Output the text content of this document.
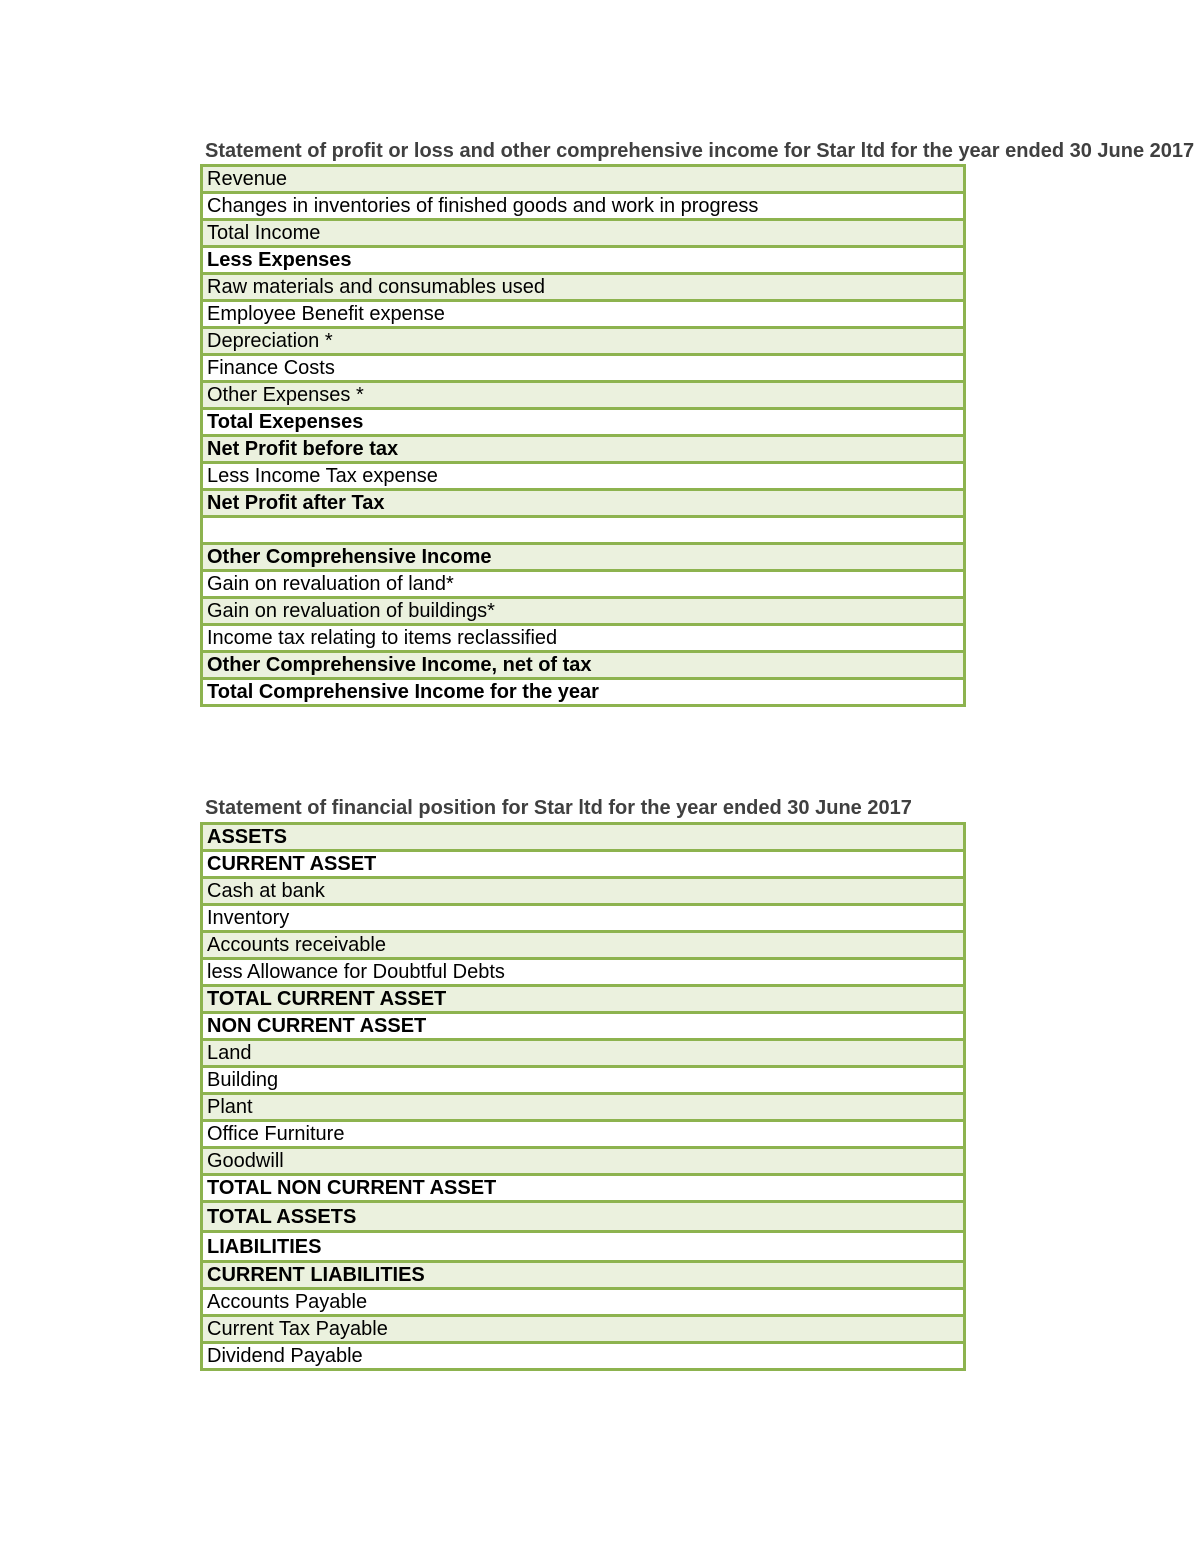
Statement of profit or loss and other comprehensive income for Star ltd for the year ended 30 June 2017
Revenue
Changes in inventories of finished goods and work in progress
Total Income
Less Expenses
Raw materials and consumables used
Employee Benefit expense
Depreciation *
Finance Costs
Other Expenses *
Total Exepenses
Net Profit before tax
Less Income Tax expense
Net Profit after Tax

Other Comprehensive Income
Gain on revaluation of land*
Gain on revaluation of buildings*
Income tax relating to items reclassified
Other Comprehensive Income, net of tax
Total Comprehensive Income for the year
Statement of financial position for Star ltd for the year ended 30 June 2017
ASSETS
CURRENT ASSET
Cash at bank
Inventory
Accounts receivable
less Allowance for Doubtful Debts
TOTAL CURRENT ASSET
NON CURRENT ASSET
Land
Building
Plant
Office Furniture
Goodwill
TOTAL NON CURRENT ASSET
TOTAL ASSETS
LIABILITIES
CURRENT LIABILITIES
Accounts Payable
Current Tax Payable
Dividend Payable
